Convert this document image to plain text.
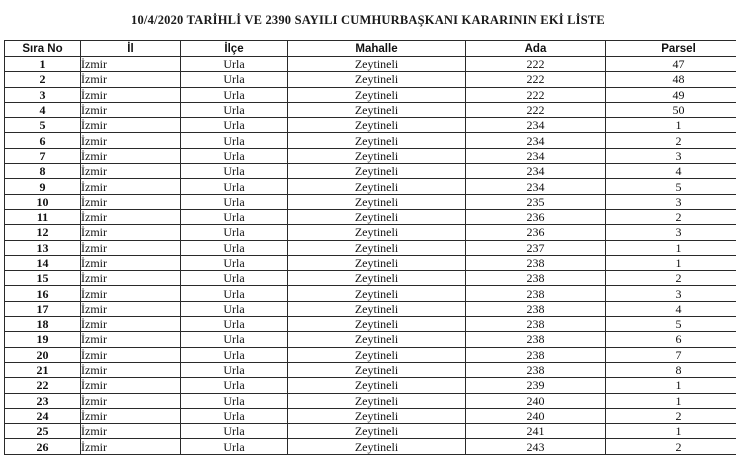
10/4/2020 TARİHLİ VE 2390 SAYILI CUMHURBAŞKANI KARARININ EKİ LİSTE
Sıra No	İl	İlçe	Mahalle	Ada	Parsel
1	İzmir	Urla	Zeytineli	222	47
2	İzmir	Urla	Zeytineli	222	48
3	İzmir	Urla	Zeytineli	222	49
4	İzmir	Urla	Zeytineli	222	50
5	İzmir	Urla	Zeytineli	234	1
6	İzmir	Urla	Zeytineli	234	2
7	İzmir	Urla	Zeytineli	234	3
8	İzmir	Urla	Zeytineli	234	4
9	İzmir	Urla	Zeytineli	234	5
10	İzmir	Urla	Zeytineli	235	3
11	İzmir	Urla	Zeytineli	236	2
12	İzmir	Urla	Zeytineli	236	3
13	İzmir	Urla	Zeytineli	237	1
14	İzmir	Urla	Zeytineli	238	1
15	İzmir	Urla	Zeytineli	238	2
16	İzmir	Urla	Zeytineli	238	3
17	İzmir	Urla	Zeytineli	238	4
18	İzmir	Urla	Zeytineli	238	5
19	İzmir	Urla	Zeytineli	238	6
20	İzmir	Urla	Zeytineli	238	7
21	İzmir	Urla	Zeytineli	238	8
22	İzmir	Urla	Zeytineli	239	1
23	İzmir	Urla	Zeytineli	240	1
24	İzmir	Urla	Zeytineli	240	2
25	İzmir	Urla	Zeytineli	241	1
26	İzmir	Urla	Zeytineli	243	2
